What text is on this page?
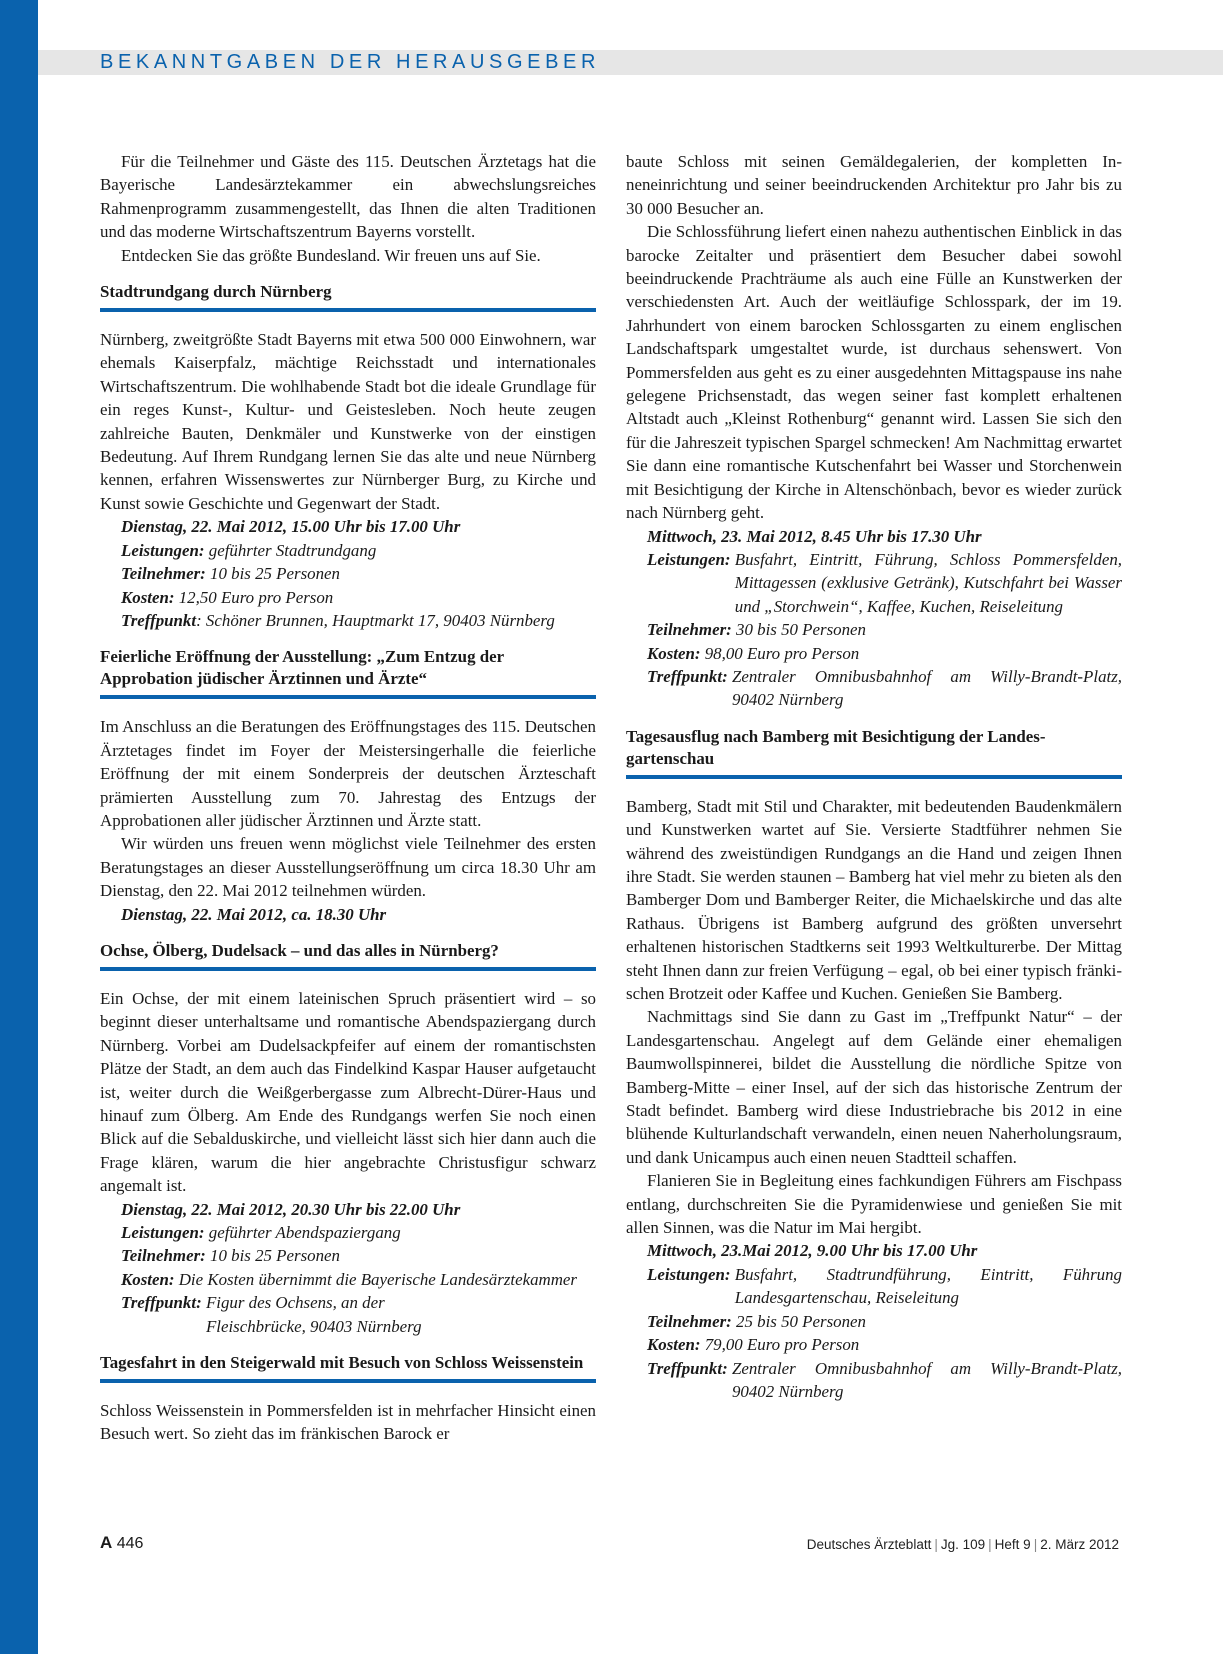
BEKANNTGABEN DER HERAUSGEBER

Für die Teilnehmer und Gäste des 115. Deutschen Ärztetags hat die Bayerische Landesärztekammer ein abwechslungsreiches Rahmenprogramm zusammengestellt, das Ihnen die alten Traditionen und das moderne Wirtschaftszentrum Bayerns vorstellt.

Entdecken Sie das größte Bundesland. Wir freuen uns auf Sie.

Stadtrundgang durch Nürnberg

Nürnberg, zweitgrößte Stadt Bayerns mit etwa 500 000 Einwohnern, war ehemals Kaiserpfalz, mächtige Reichsstadt und internationales Wirtschaftszentrum. Die wohlhabende Stadt bot die ideale Grundlage für ein reges Kunst-, Kultur- und Geistesleben. Noch heute zeugen zahlreiche Bauten, Denkmäler und Kunstwerke von der einstigen Bedeutung. Auf Ihrem Rundgang lernen Sie das alte und neue Nürnberg kennen, erfahren Wissenswertes zur Nürnberger Burg, zu Kirche und Kunst sowie Geschichte und Gegenwart der Stadt.

Dienstag, 22. Mai 2012, 15.00 Uhr bis 17.00 Uhr

Leistungen: geführter Stadtrundgang

Teilnehmer: 10 bis 25 Personen

Kosten: 12,50 Euro pro Person

Treffpunkt: Schöner Brunnen, Hauptmarkt 17, 90403 Nürnberg

Feierliche Eröffnung der Ausstellung: „Zum Entzug der Approbation jüdischer Ärztinnen und Ärzte“

Im Anschluss an die Beratungen des Eröffnungstages des 115. Deutschen Ärztetages findet im Foyer der Meistersingerhalle die feierliche Eröffnung der mit einem Sonderpreis der deutschen Ärzteschaft prämierten Ausstellung zum 70. Jahrestag des Entzugs der Approbationen aller jüdischer Ärztinnen und Ärzte statt.

Wir würden uns freuen wenn möglichst viele Teilnehmer des ersten Beratungstages an dieser Ausstellungseröffnung um circa 18.30 Uhr am Dienstag, den 22. Mai 2012 teilnehmen würden.

Dienstag, 22. Mai 2012, ca. 18.30 Uhr

Ochse, Ölberg, Dudelsack – und das alles in Nürnberg?

Ein Ochse, der mit einem lateinischen Spruch präsentiert wird – so beginnt dieser unterhaltsame und romantische Abendspaziergang durch Nürnberg. Vorbei am Dudelsackpfeifer auf einem der romantischsten Plätze der Stadt, an dem auch das Findelkind Kaspar Hauser aufgetaucht ist, weiter durch die Weißgerbergasse zum Albrecht-Dürer-Haus und hinauf zum Ölberg. Am Ende des Rundgangs werfen Sie noch einen Blick auf die Sebalduskirche, und vielleicht lässt sich hier dann auch die Frage klären, warum die hier angebrachte Christusfigur schwarz angemalt ist.

Dienstag, 22. Mai 2012, 20.30 Uhr bis 22.00 Uhr

Leistungen: geführter Abendspaziergang

Teilnehmer: 10 bis 25 Personen

Kosten: Die Kosten übernimmt die Bayerische Landesärztekammer
Treffpunkt: Figur des Ochsens, an der Fleischbrücke, 90403 Nürnberg
Tagesfahrt in den Steigerwald mit Besuch von Schloss Weissenstein

Schloss Weissenstein in Pommersfelden ist in mehrfacher Hinsicht einen Besuch wert. So zieht das im fränkischen Barock er

baute Schloss mit seinen Gemäldegalerien, der kompletten Inneneinrichtung und seiner beeindruckenden Architektur pro Jahr bis zu 30 000 Besucher an.

Die Schlossführung liefert einen nahezu authentischen Einblick in das barocke Zeitalter und präsentiert dem Besucher dabei sowohl beeindruckende Prachträume als auch eine Fülle an Kunstwerken der verschiedensten Art. Auch der weitläufige Schlosspark, der im 19. Jahrhundert von einem barocken Schlossgarten zu einem englischen Landschaftspark umgestaltet wurde, ist durchaus sehenswert. Von Pommersfelden aus geht es zu einer ausgedehnten Mittagspause ins nahe gelegene Prichsenstadt, das wegen seiner fast komplett erhaltenen Altstadt auch „Kleinst Rothenburg“ genannt wird. Lassen Sie sich den für die Jahreszeit typischen Spargel schmecken! Am Nachmittag erwartet Sie dann eine romantische Kutschenfahrt bei Wasser und Storchenwein mit Besichtigung der Kirche in Altenschönbach, bevor es wieder zurück nach Nürnberg geht.

Mittwoch, 23. Mai 2012, 8.45 Uhr bis 17.30 Uhr

Leistungen: Busfahrt, Eintritt, Führung, Schloss Pommersfelden, Mittagessen (exklusive Getränk), Kutschfahrt bei Wasser und „Storchwein“, Kaffee, Kuchen, Reiseleitung

Teilnehmer: 30 bis 50 Personen

Kosten: 98,00 Euro pro Person

Treffpunkt: Zentraler Omnibusbahnhof am Willy-Brandt-Platz, 90402 Nürnberg
Tagesausflug nach Bamberg mit Besichtigung der Landesgartenschau

Bamberg, Stadt mit Stil und Charakter, mit bedeutenden Baudenkmälern und Kunstwerken wartet auf Sie. Versierte Stadtführer nehmen Sie während des zweistündigen Rundgangs an die Hand und zeigen Ihnen ihre Stadt. Sie werden staunen – Bamberg hat viel mehr zu bieten als den Bamberger Dom und Bamberger Reiter, die Michaelskirche und das alte Rathaus. Übrigens ist Bamberg aufgrund des größten unversehrt erhaltenen historischen Stadtkerns seit 1993 Weltkulturerbe. Der Mittag steht Ihnen dann zur freien Verfügung – egal, ob bei einer typisch fränkischen Brotzeit oder Kaffee und Kuchen. Genießen Sie Bamberg.

Nachmittags sind Sie dann zu Gast im „Treffpunkt Natur“ – der Landesgartenschau. Angelegt auf dem Gelände einer ehemaligen Baumwollspinnerei, bildet die Ausstellung die nördliche Spitze von Bamberg-Mitte – einer Insel, auf der sich das historische Zentrum der Stadt befindet. Bamberg wird diese Industriebrache bis 2012 in eine blühende Kulturlandschaft verwandeln, einen neuen Naherholungsraum, und dank Unicampus auch einen neuen Stadtteil schaffen.

Flanieren Sie in Begleitung eines fachkundigen Führers am Fischpass entlang, durchschreiten Sie die Pyramidenwiese und genießen Sie mit allen Sinnen, was die Natur im Mai hergibt.

Mittwoch, 23.Mai 2012, 9.00 Uhr bis 17.00 Uhr

Leistungen: Busfahrt, Stadtrundführung, Eintritt, Führung Landesgartenschau, Reiseleitung

Teilnehmer: 25 bis 50 Personen

Kosten: 79,00 Euro pro Person

Treffpunkt: Zentraler Omnibusbahnhof am Willy-Brandt-Platz, 90402 Nürnberg
A 446	Deutsches Ärzteblatt | Jg. 109 | Heft 9 | 2. März 2012
